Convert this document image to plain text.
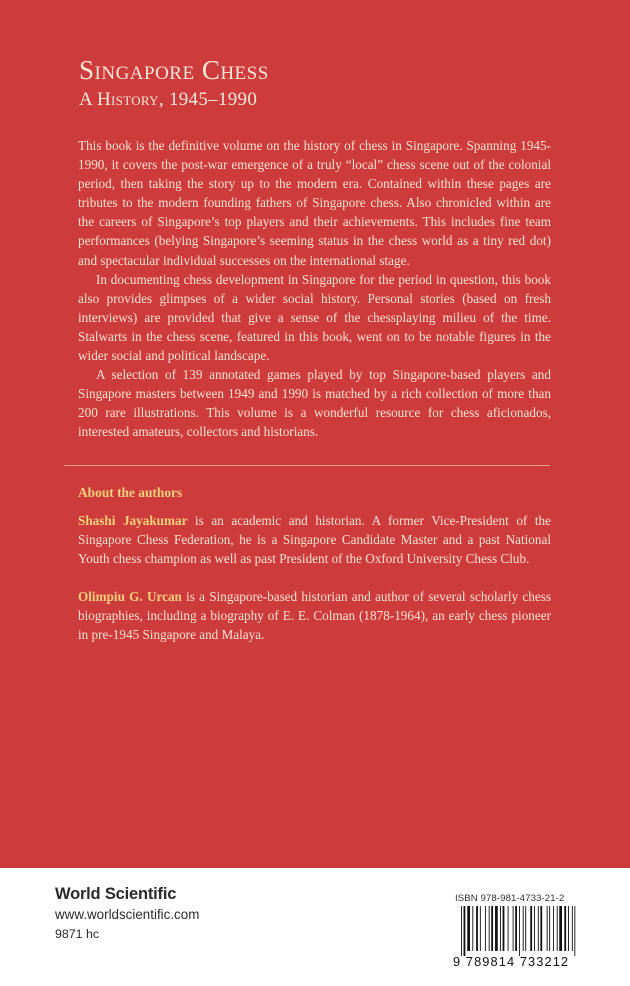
Singapore Chess
A History, 1945–1990

This book is the definitive volume on the history of chess in Singapore. Spanning 1945-1990, it covers the post-war emergence of a truly “local” chess scene out of the colonial period, then taking the story up to the modern era. Contained within these pages are tributes to the modern founding fathers of Singapore chess. Also chronicled within are the careers of Singapore’s top players and their achievements. This includes fine team performances (belying Singapore’s seeming status in the chess world as a tiny red dot) and spectacular individual successes on the international stage.

In documenting chess development in Singapore for the period in question, this book also provides glimpses of a wider social history. Personal stories (based on fresh interviews) are provided that give a sense of the chessplaying milieu of the time. Stalwarts in the chess scene, featured in this book, went on to be notable figures in the wider social and political landscape.

A selection of 139 annotated games played by top Singapore-based players and Singapore masters between 1949 and 1990 is matched by a rich collection of more than 200 rare illustrations. This volume is a wonderful resource for chess aficionados, interested amateurs, collectors and historians.

About the authors

Shashi Jayakumar is an academic and historian. A former Vice-President of the Singapore Chess Federation, he is a Singapore Candidate Master and a past National Youth chess champion as well as past President of the Oxford University Chess Club.

Olimpiu G. Urcan is a Singapore-based historian and author of several scholarly chess biographies, including a biography of E. E. Colman (1878-1964), an early chess pioneer in pre-1945 Singapore and Malaya.

World Scientific
www.worldscientific.com
9871 hc
ISBN 978-981-4733-21-2
9 789814 733212
